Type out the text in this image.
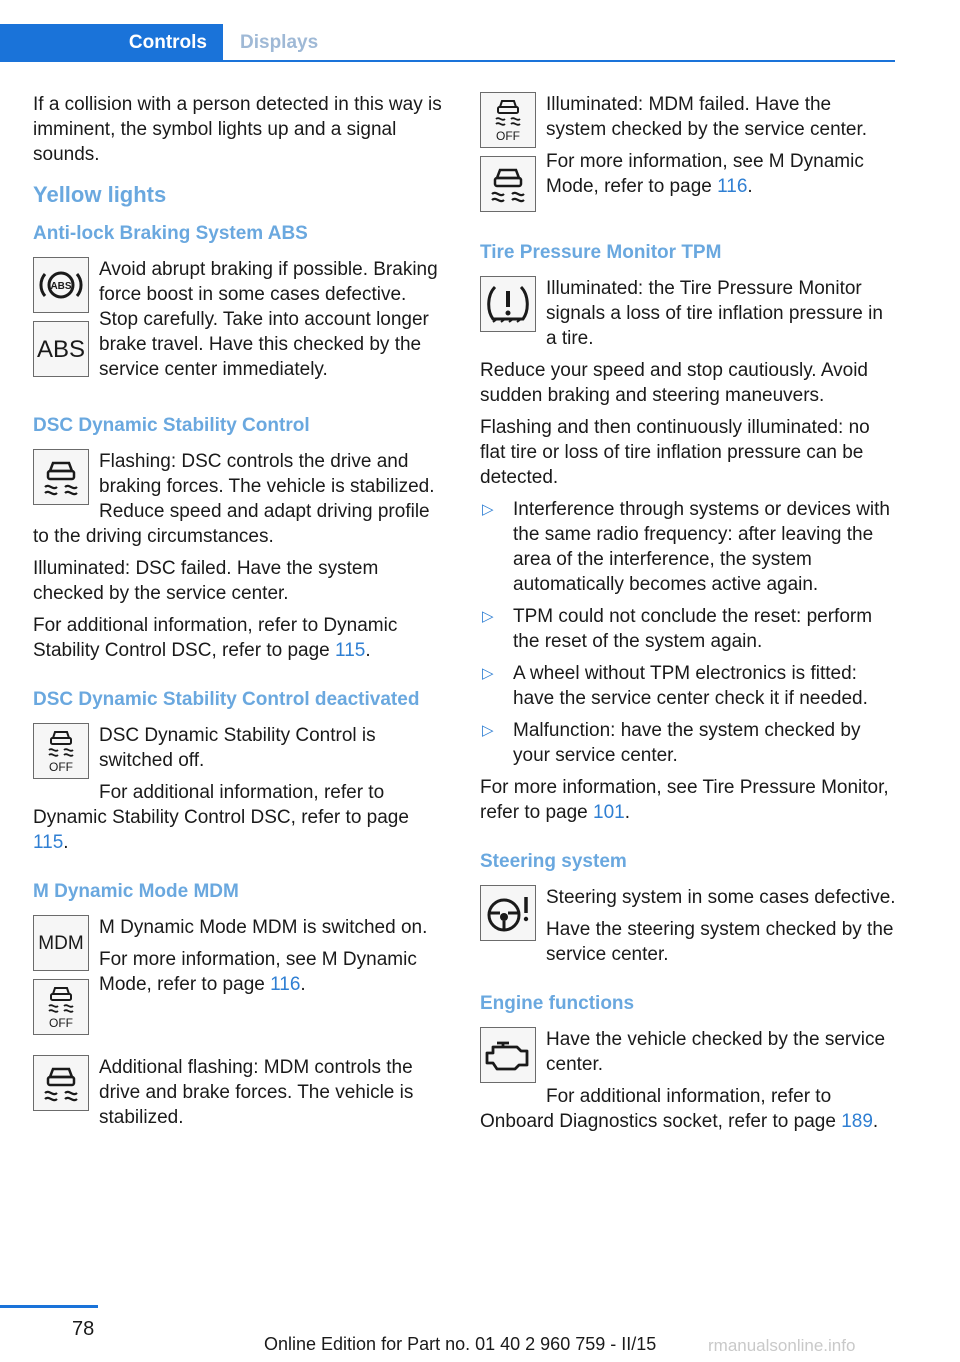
Controls	Displays

If a collision with a person detected in this way is imminent, the symbol lights up and a signal sounds.

Yellow lights
Anti-lock Braking System ABS
ABS
ABS

Avoid abrupt braking if possible. Braking force boost in some cases defective. Stop carefully. Take into account longer brake travel. Have this checked by the service center immediately.

DSC Dynamic Stability Control

Flashing: DSC controls the drive and braking forces. The vehicle is stabilized. Reduce speed and adapt driving profile to the driving circumstances.

Illuminated: DSC failed. Have the system checked by the service center.

For additional information, refer to Dynamic Stability Control DSC, refer to page 115.

DSC Dynamic Stability Control deactivated
OFF

DSC Dynamic Stability Control is switched off.

For additional information, refer to Dynamic Stability Control DSC, refer to page 115.

M Dynamic Mode MDM
MDM
OFF

M Dynamic Mode MDM is switched on.

For more information, see M Dynamic Mode, refer to page 116.

Additional flashing: MDM controls the drive and brake forces. The vehicle is stabilized.

OFF

Illuminated: MDM failed. Have the system checked by the service center.

For more information, see M Dynamic Mode, refer to page 116.

Tire Pressure Monitor TPM

Illuminated: the Tire Pressure Monitor signals a loss of tire inflation pressure in a tire.

Reduce your speed and stop cautiously. Avoid sudden braking and steering maneuvers.

Flashing and then continuously illuminated: no flat tire or loss of tire inflation pressure can be detected.

▷ Interference through systems or devices with the same radio frequency: after leaving the area of the interference, the system automatically becomes active again.
▷ TPM could not conclude the reset: perform the reset of the system again.
▷ A wheel without TPM electronics is fitted: have the service center check it if needed.
▷ Malfunction: have the system checked by your service center.

For more information, see Tire Pressure Monitor, refer to page 101.

Steering system

Steering system in some cases defective.

Have the steering system checked by the service center.

Engine functions

Have the vehicle checked by the service center.

For additional information, refer to Onboard Diagnostics socket, refer to page 189.

78
Online Edition for Part no. 01 40 2 960 759 - II/15	rmanualsonline.info
